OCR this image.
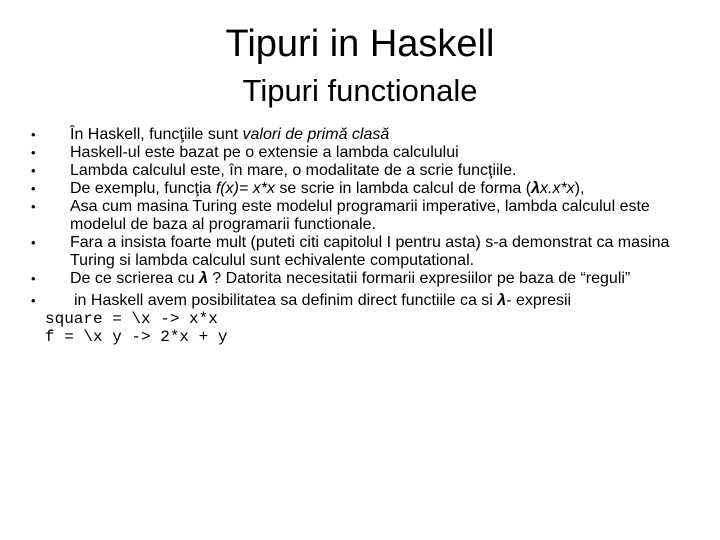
Tipuri in Haskell
Tipuri functionale
• În Haskell, funcţiile sunt valori de primă clasă
• Haskell-ul este bazat pe o extensie a lambda calculului
• Lambda calculul este, în mare, o modalitate de a scrie funcţiile.
• De exemplu, funcţia f(x)= x*x se scrie in lambda calcul de forma (λx.x*x),
• Asa cum masina Turing este modelul programarii imperative, lambda calculul este modelul de baza al programarii functionale.
• Fara a insista foarte mult (puteti citi capitolul I pentru asta) s-a demonstrat ca masina Turing si lambda calculul sunt echivalente computational.
• De ce scrierea cu λ ? Datorita necesitatii formarii expresiilor pe baza de “reguli”
• in Haskell avem posibilitatea sa definim direct functiile ca si λ- expresii
square = \x -> x*x
f = \x y -> 2*x + y
